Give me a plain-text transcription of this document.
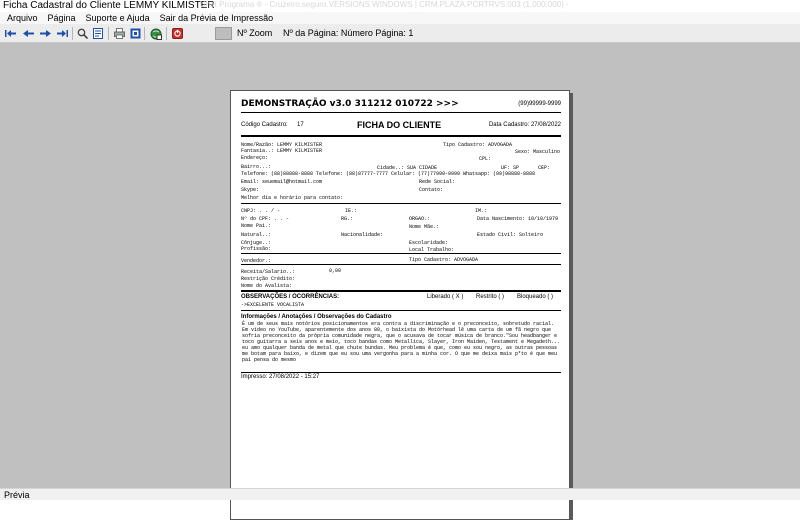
Ficha Cadastral do Cliente LEMMY KILMISTER
Uhet Programa ® - Cruzeiro.seguro.VERSIONS WINDOWS | CRM.PLAZA.PCRTRVS.003 (1.000.000) -
Arquivo	Página	Suporte e Ajuda	Sair da Prévia de Impressão
Nº Zoom Nº da Página: Número Página: 1
DEMONSTRAÇÃO v3.0 311212 010722 >>>	(99)99999-9999
Código Cadastro: 17	FICHA DO CLIENTE	Data Cadastro: 27/08/2022
Nome/Razão: LEMMY KILMISTER	Tipo Cadastro: ADVOGADA
Fantasia..: LEMMY KILMISTER	Sexo: Masculino
Endereço:	CPL:
Bairro...:	Cidade..: SUA CIDADE	UF: SP	CEP:
Telefone: (88)88888-8888 Telefone: (88)87777-7777 Celular: (77)77999-9999 Whatsapp: (99)98888-8888
Email: seuemail@hotmail.com	Rede Social:
Skype:	Contato:
Melhor dia e horário para contato:
CNPJ: . . / -	IE.:	IM.:
Nº do CPF: . . -	RG.:	ORGAO.:	Data Nascimento: 10/10/1979
Nome Pai.:	Nome Mãe.:
Natural..:	Nacionalidade:	Estado Civil: Solteiro
Cônjuge..:	Escolaridade:
Profissão:	Local Trabalho:
Vendedor.:	Tipo Cadastro: ADVOGADA
Receita/Salario..:	0,00
Restrição Crédito:
Nome do Avalista:
OBSERVAÇÕES / OCORRÊNCIAS:	Liberado ( X ) Restrito ( ) Bloqueado ( )
->EXCELENTE VOCALISTA
Informações / Anotações / Observações do Cadastro
É um de seus mais notórios posicionamentos era contra a discriminação e o preconceito, sobretudo racial. Em vídeo no YouTube, aparentemente dos anos 80, o baixista do Motörhead lê uma carta de um fã negro que sofria preconceito da própria comunidade negra, que o acusava de tocar música de branco."Sou headbanger e toco guitarra a seis anos e meio, toco bandas como Metallica, Slayer, Iron Maiden, Testament e Megadeth... eu amo qualquer banda de metal que chute bundas. Meu problema é que, como eu sou negro, as outras pessoas me botam para baixo, e dizem que eu sou uma vergonha para a minha cor. O que me deixa mais p*to é que meu pai pensa do mesmo
Impresso: 27/08/2022 - 15:27
Prévia
